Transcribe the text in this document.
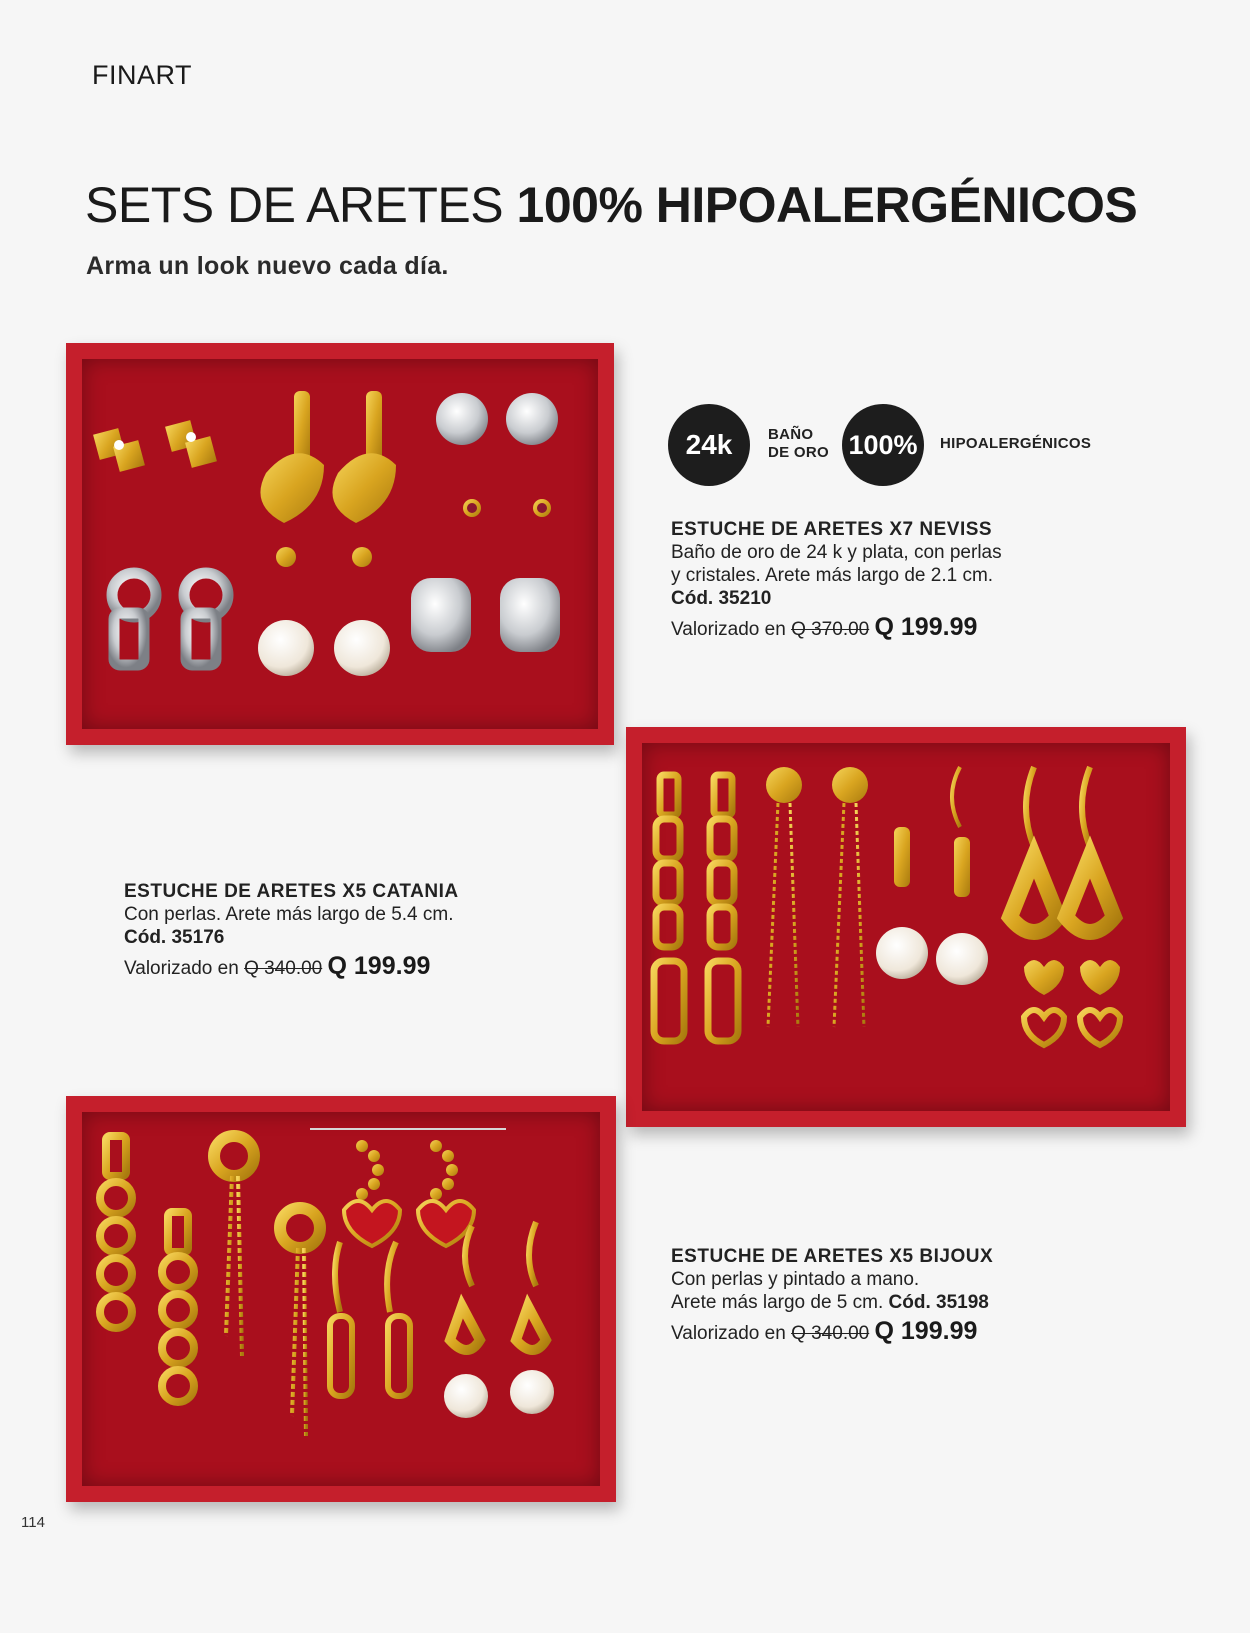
FINART
SETS DE ARETES 100% HIPOALERGÉNICOS
Arma un look nuevo cada día.
24k	BAÑO
DE ORO 100%	HIPOALERGÉNICOS
ESTUCHE DE ARETES X7 NEVISS
Baño de oro de 24 k y plata, con perlas
y cristales. Arete más largo de 2.1 cm.
Cód. 35210
Valorizado en Q 370.00 Q 199.99
ESTUCHE DE ARETES X5 CATANIA
Con perlas. Arete más largo de 5.4 cm.
Cód. 35176
Valorizado en Q 340.00 Q 199.99
ESTUCHE DE ARETES X5 BIJOUX
Con perlas y pintado a mano.
Arete más largo de 5 cm. Cód. 35198
Valorizado en Q 340.00 Q 199.99
114
